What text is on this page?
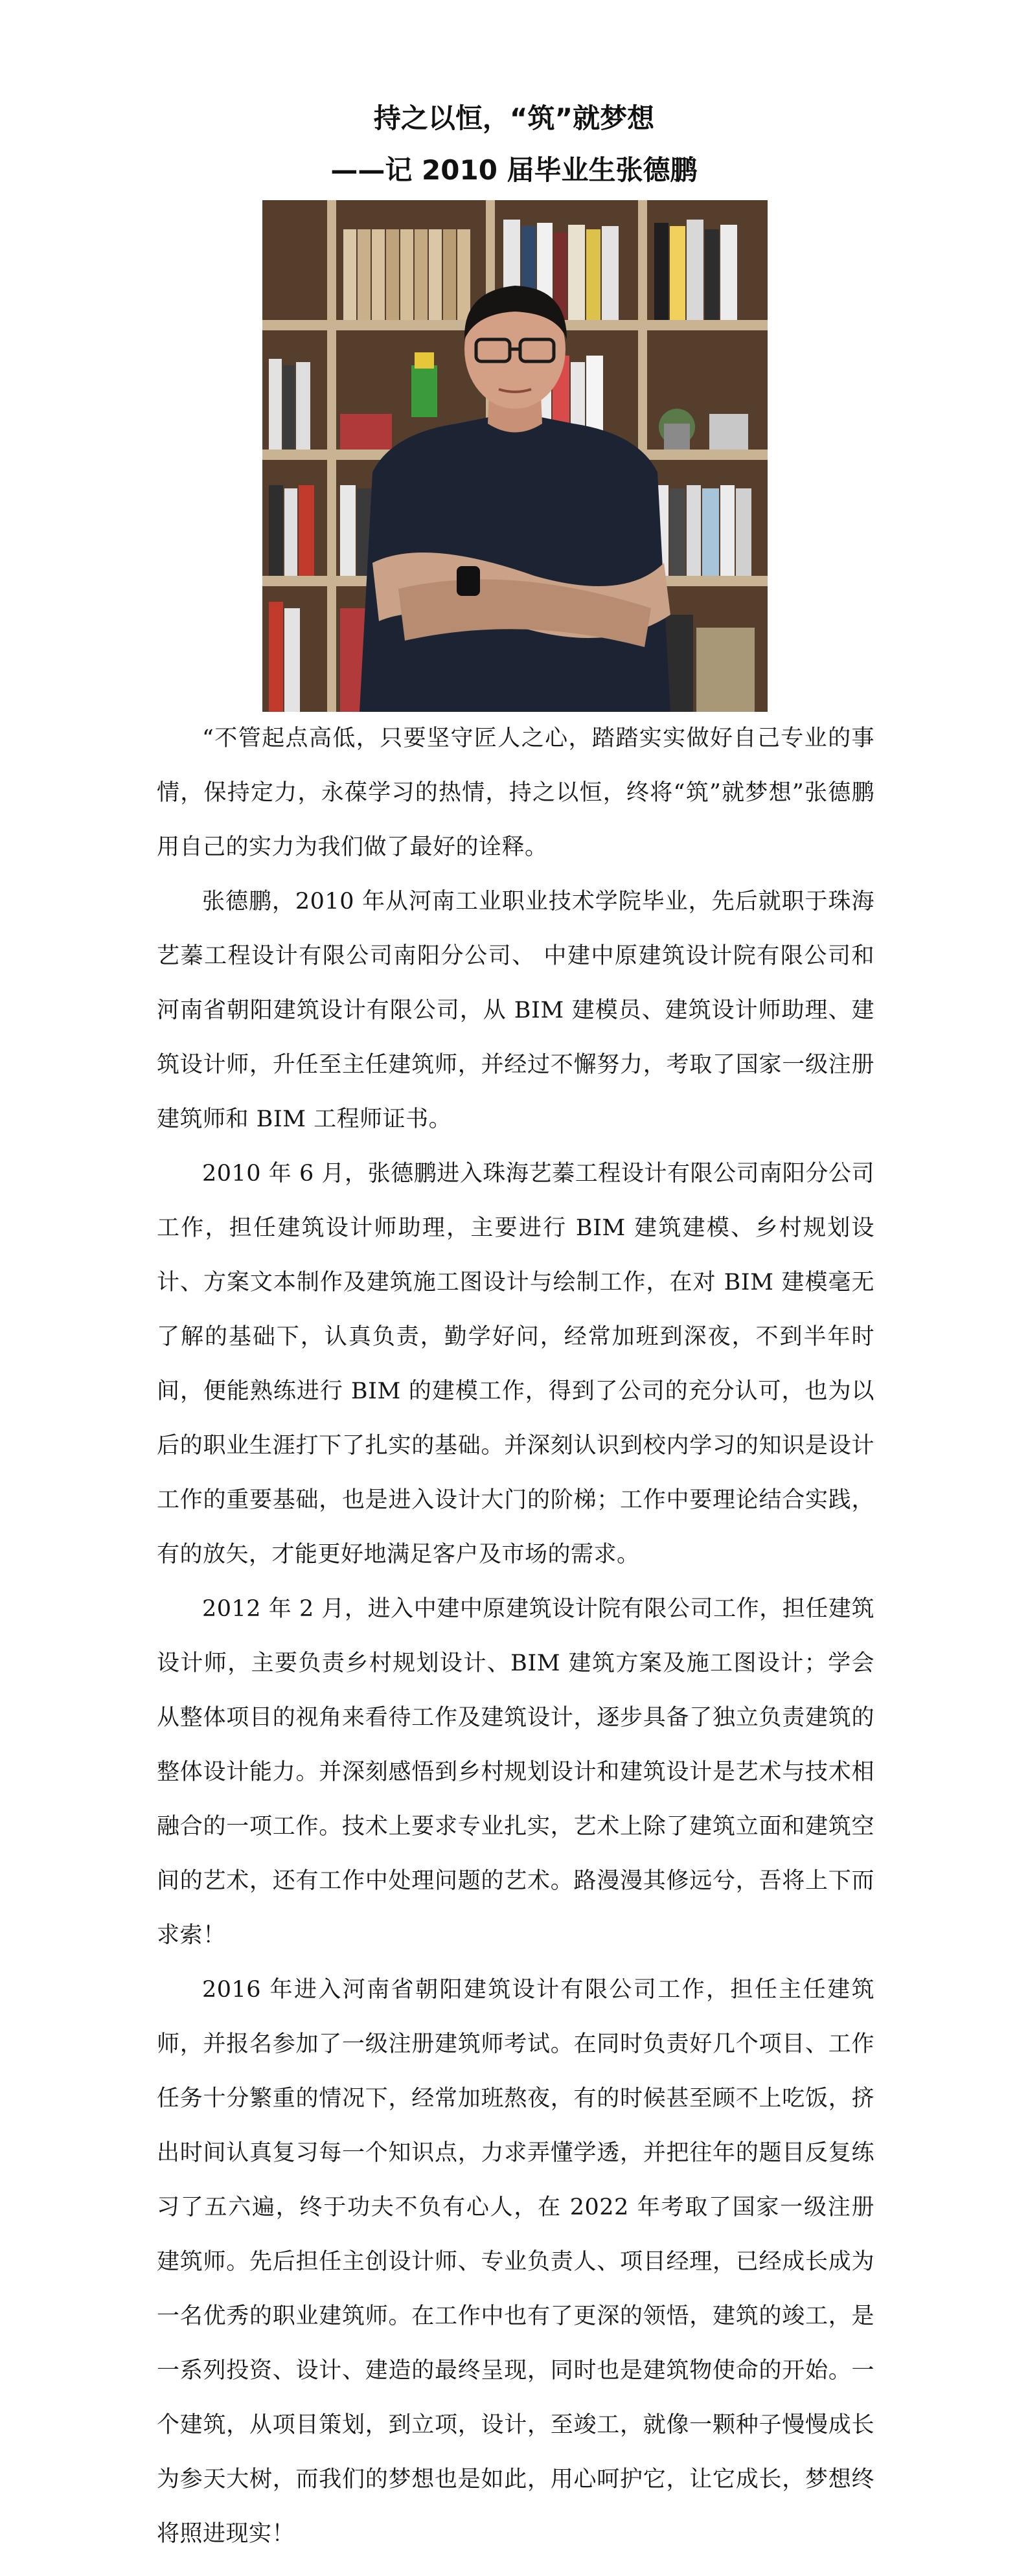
持之以恒，“筑”就梦想
——记 2010 届毕业生张德鹏

“不管起点高低，只要坚守匠人之心，踏踏实实做好自己专业的事情，保持定力，永葆学习的热情，持之以恒，终将“筑”就梦想”张德鹏用自己的实力为我们做了最好的诠释。

张德鹏，2010 年从河南工业职业技术学院毕业，先后就职于珠海艺蓁工程设计有限公司南阳分公司、 中建中原建筑设计院有限公司和河南省朝阳建筑设计有限公司，从 BIM 建模员、建筑设计师助理、建筑设计师，升任至主任建筑师，并经过不懈努力，考取了国家一级注册建筑师和 BIM 工程师证书。

2010 年 6 月，张德鹏进入珠海艺蓁工程设计有限公司南阳分公司工作，担任建筑设计师助理，主要进行 BIM 建筑建模、乡村规划设计、方案文本制作及建筑施工图设计与绘制工作，在对 BIM 建模毫无了解的基础下，认真负责，勤学好问，经常加班到深夜，不到半年时间，便能熟练进行 BIM 的建模工作，得到了公司的充分认可，也为以后的职业生涯打下了扎实的基础。并深刻认识到校内学习的知识是设计工作的重要基础，也是进入设计大门的阶梯；工作中要理论结合实践，有的放矢，才能更好地满足客户及市场的需求。

2012 年 2 月，进入中建中原建筑设计院有限公司工作，担任建筑设计师，主要负责乡村规划设计、BIM 建筑方案及施工图设计；学会从整体项目的视角来看待工作及建筑设计，逐步具备了独立负责建筑的整体设计能力。并深刻感悟到乡村规划设计和建筑设计是艺术与技术相融合的一项工作。技术上要求专业扎实，艺术上除了建筑立面和建筑空间的艺术，还有工作中处理问题的艺术。路漫漫其修远兮，吾将上下而求索！

2016 年进入河南省朝阳建筑设计有限公司工作，担任主任建筑师，并报名参加了一级注册建筑师考试。在同时负责好几个项目、工作任务十分繁重的情况下，经常加班熬夜，有的时候甚至顾不上吃饭，挤出时间认真复习每一个知识点，力求弄懂学透，并把往年的题目反复练习了五六遍，终于功夫不负有心人，在 2022 年考取了国家一级注册建筑师。先后担任主创设计师、专业负责人、项目经理，已经成长成为一名优秀的职业建筑师。在工作中也有了更深的领悟，建筑的竣工，是一系列投资、设计、建造的最终呈现，同时也是建筑物使命的开始。一个建筑，从项目策划，到立项，设计，至竣工，就像一颗种子慢慢成长为参天大树，而我们的梦想也是如此，用心呵护它，让它成长，梦想终将照进现实！
